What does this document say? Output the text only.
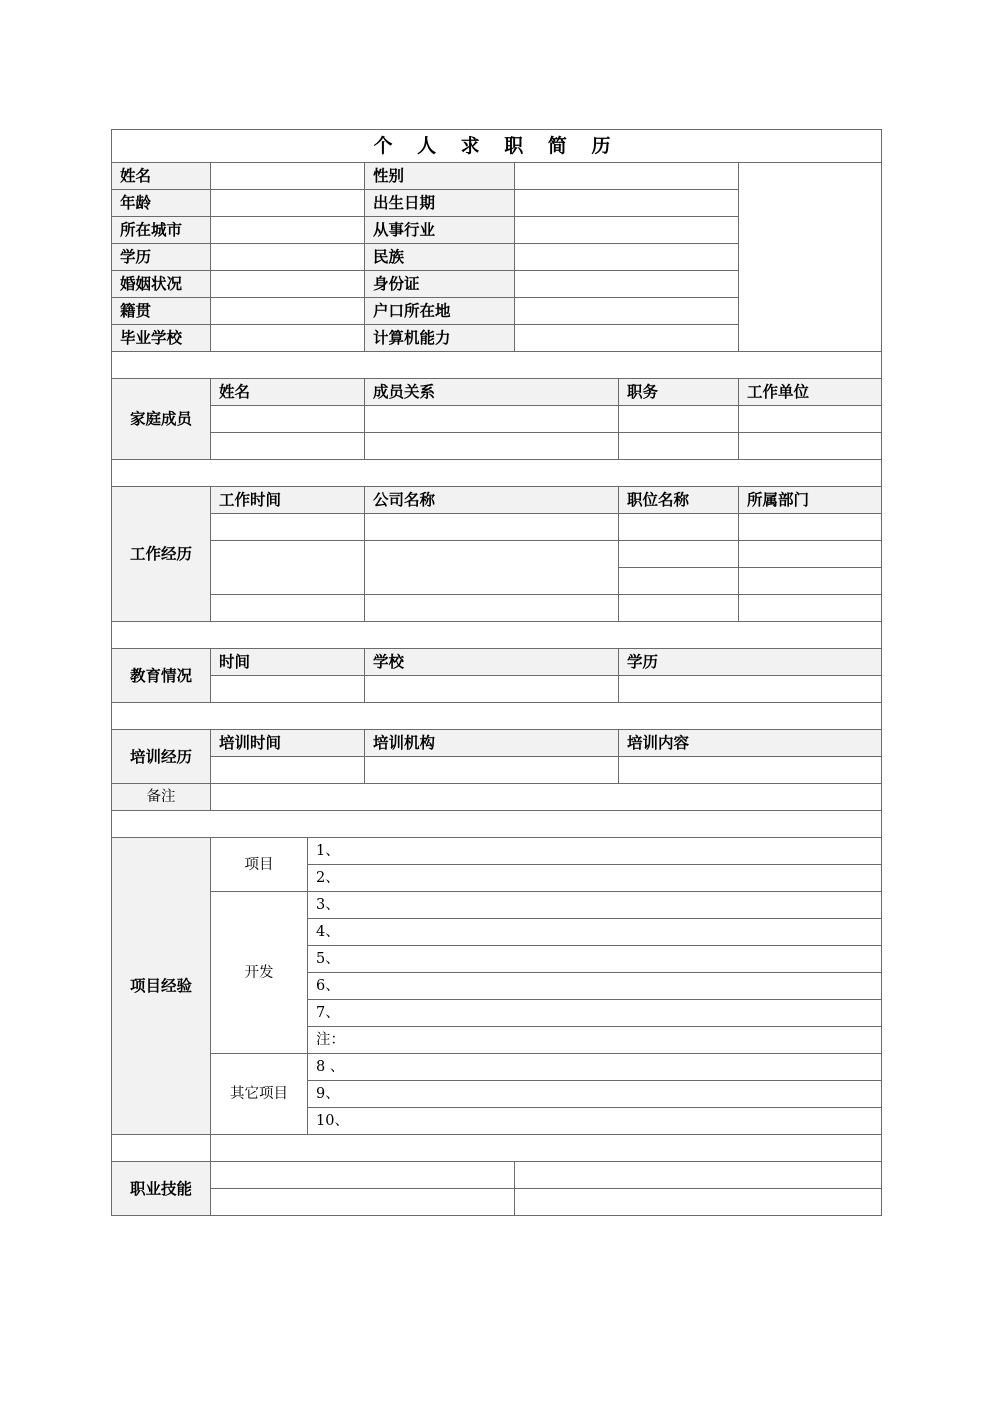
个 人 求 职 简 历						
姓名			性别			
年龄			出生日期			
所在城市			从事行业			
学历			民族			
婚姻状况			身份证			
籍贯			户口所在地			
毕业学校			计算机能力			

家庭成员	姓名		成员关系		职务	工作单位

工作经历	工作时间		公司名称		职位名称	所属部门

教育情况	时间		学校		学历	

培训经历	培训时间		培训机构		培训内容	

备注						

项目经验	项目	1、				
		2、				
	开发	3、				
		4、				
		5、				
		6、				
		7、				
		注：				
	其它项目	8 、				
		9、				
		10、				

职业技能						
